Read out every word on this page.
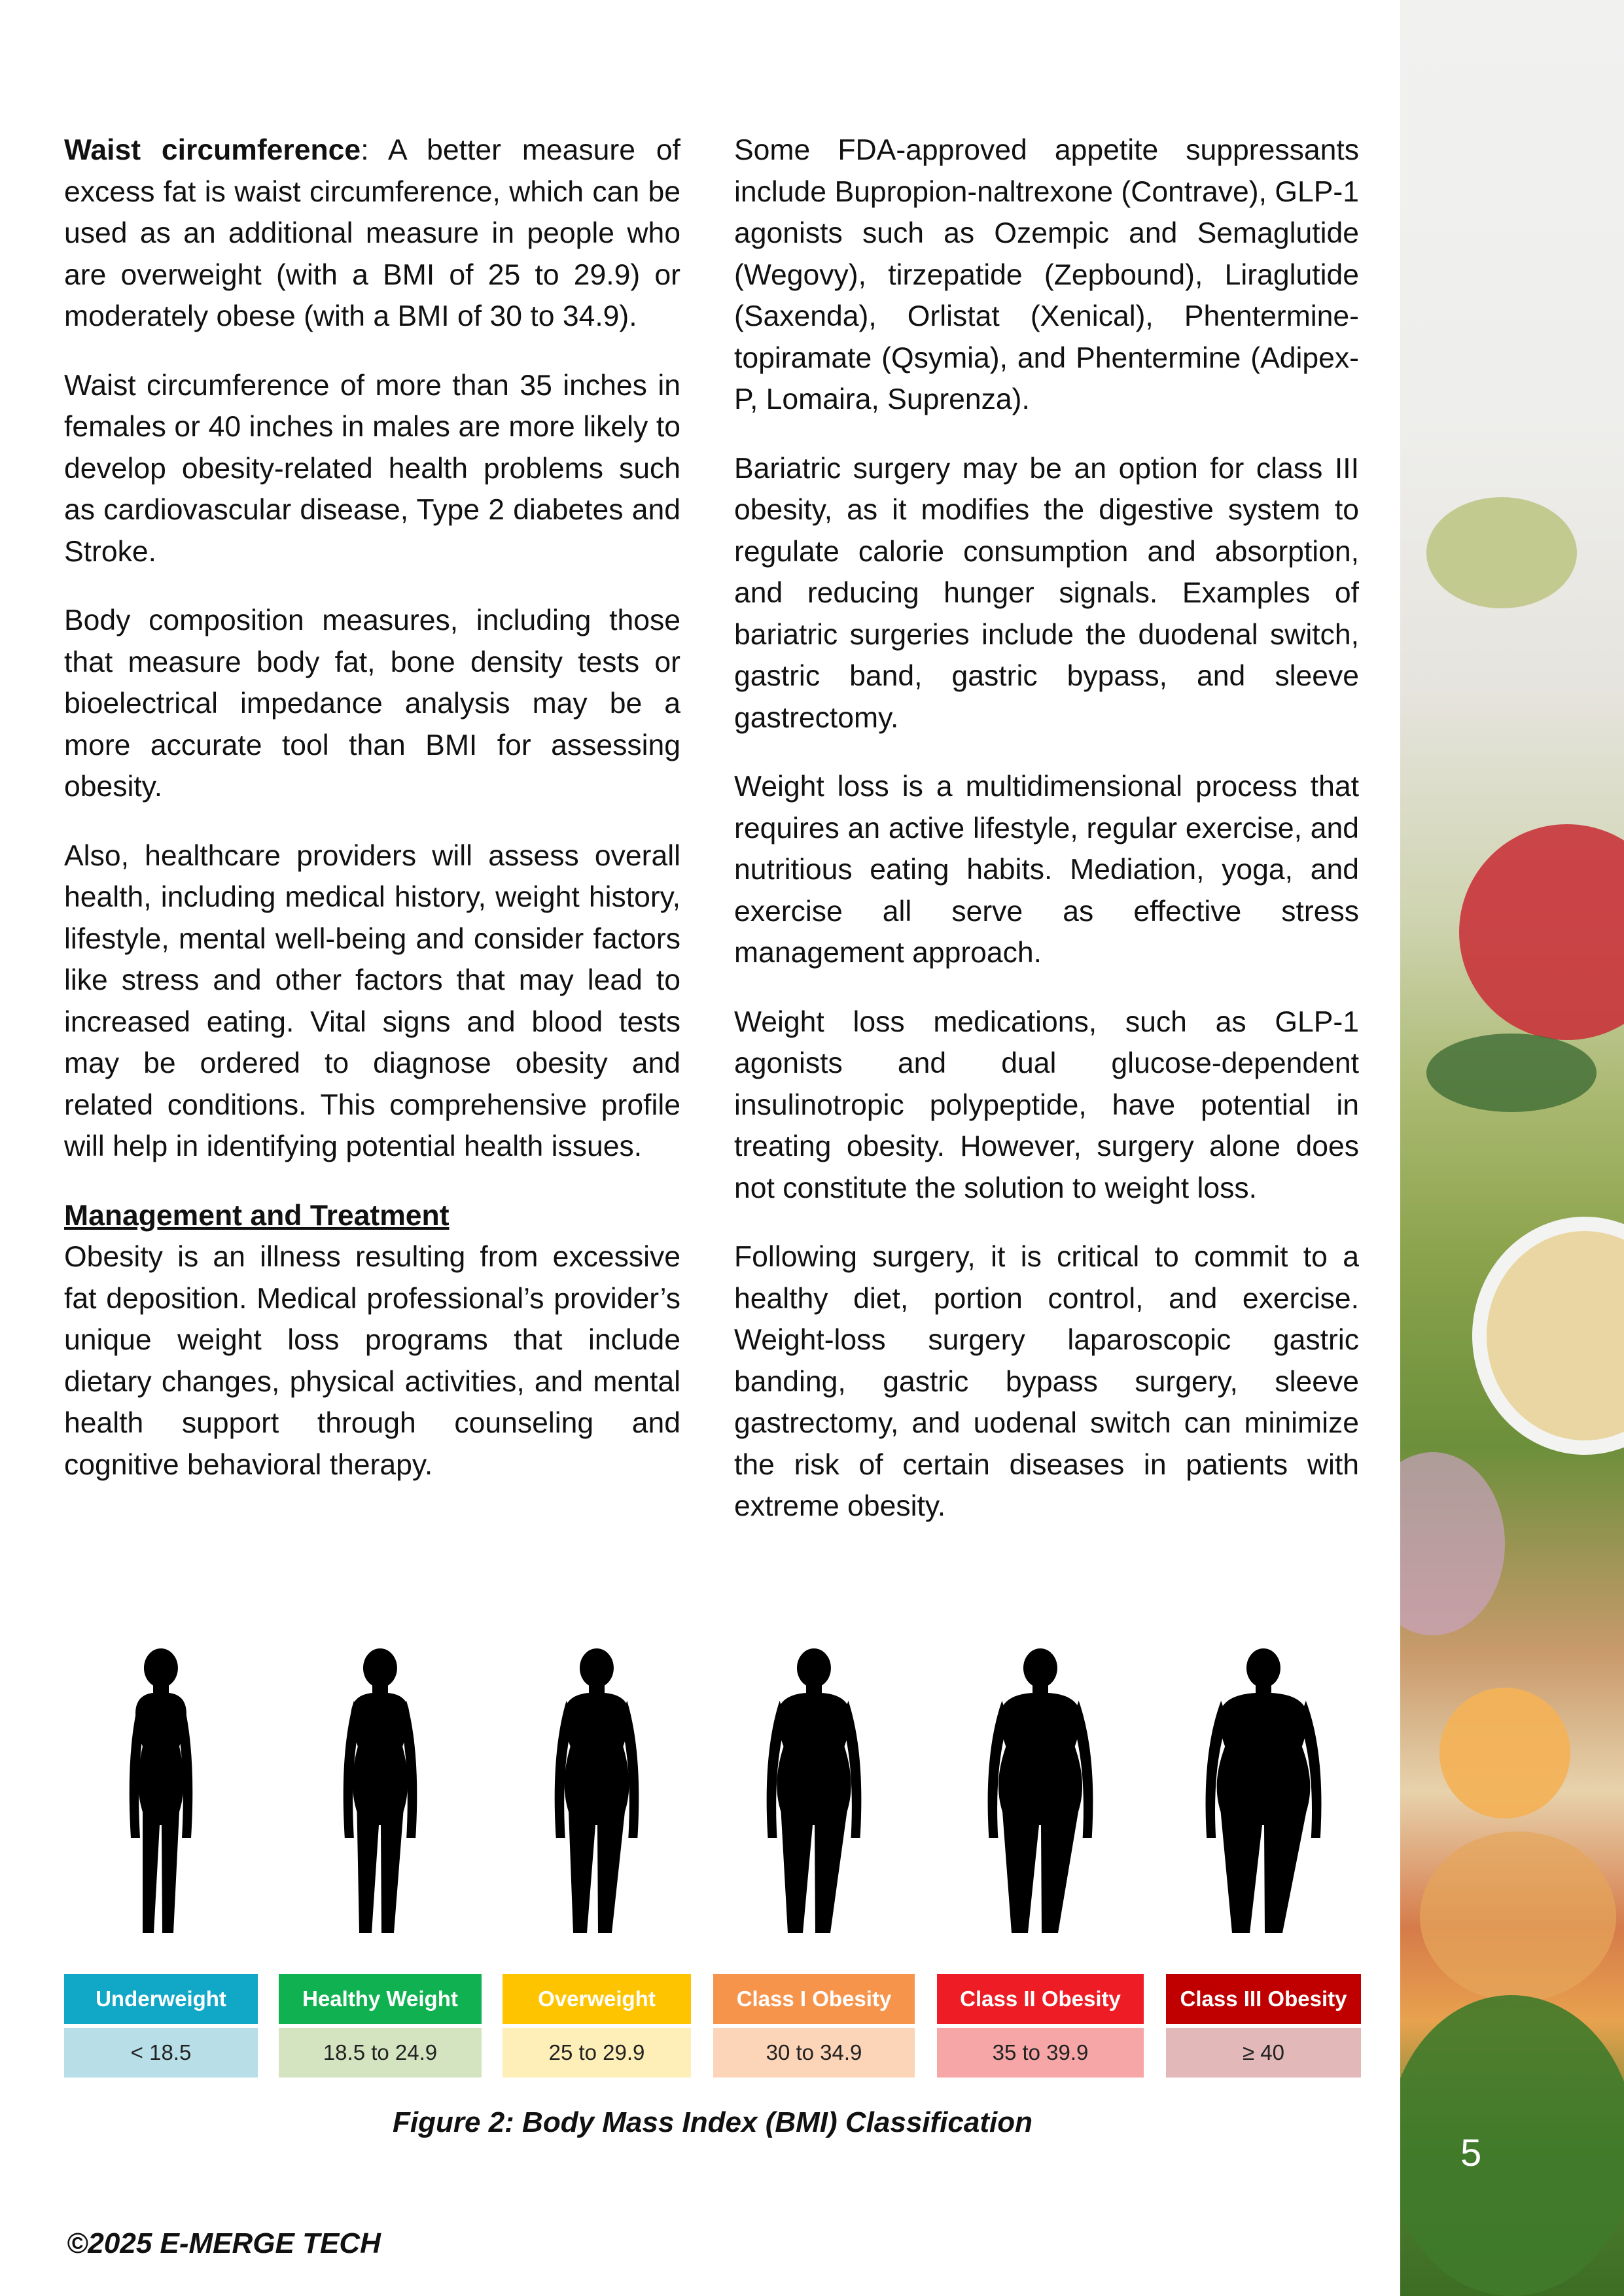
Waist circumference: A better measure of excess fat is waist circumference, which can be used as an additional measure in people who are overweight (with a BMI of 25 to 29.9) or moderately obese (with a BMI of 30 to 34.9).

Waist circumference of more than 35 inches in females or 40 inches in males are more likely to develop obesity-related health problems such as cardiovascular disease, Type 2 diabetes and Stroke.

Body composition measures, including those that measure body fat, bone density tests or bioelectrical impedance analysis may be a more accurate tool than BMI for assessing obesity.

Also, healthcare providers will assess overall health, including medical history, weight history, lifestyle, mental well-being and consider factors like stress and other factors that may lead to increased eating. Vital signs and blood tests may be ordered to diagnose obesity and related conditions. This comprehensive profile will help in identifying potential health issues.

Management and Treatment
Obesity is an illness resulting from excessive fat deposition. Medical professional’s provider’s unique weight loss programs that include dietary changes, physical activities, and mental health support through counseling and cognitive behavioral therapy.

Some FDA-approved appetite suppressants include Bupropion-naltrexone (Contrave), GLP-1 agonists such as Ozempic and Semaglutide (Wegovy), tirzepatide (Zepbound), Liraglutide (Saxenda), Orlistat (Xenical), Phentermine-topiramate (Qsymia), and Phentermine (Adipex-P, Lomaira, Suprenza).

Bariatric surgery may be an option for class III obesity, as it modifies the digestive system to regulate calorie consumption and absorption, and reducing hunger signals. Examples of bariatric surgeries include the duodenal switch, gastric band, gastric bypass, and sleeve gastrectomy.

Weight loss is a multidimensional process that requires an active lifestyle, regular exercise, and nutritious eating habits. Mediation, yoga, and exercise all serve as effective stress management approach.

Weight loss medications, such as GLP-1 agonists and dual glucose-dependent insulinotropic polypeptide, have potential in treating obesity. However, surgery alone does not constitute the solution to weight loss.

Following surgery, it is critical to commit to a healthy diet, portion control, and exercise. Weight-loss surgery laparoscopic gastric banding, gastric bypass surgery, sleeve gastrectomy, and uodenal switch can minimize the risk of certain diseases in patients with extreme obesity.

5
Underweight
< 18.5
Healthy Weight
18.5 to 24.9
Overweight
25 to 29.9
Class I Obesity
30 to 34.9
Class II Obesity
35 to 39.9
Class III Obesity
≥ 40
Figure 2: Body Mass Index (BMI) Classification
©2025 E-MERGE TECH
